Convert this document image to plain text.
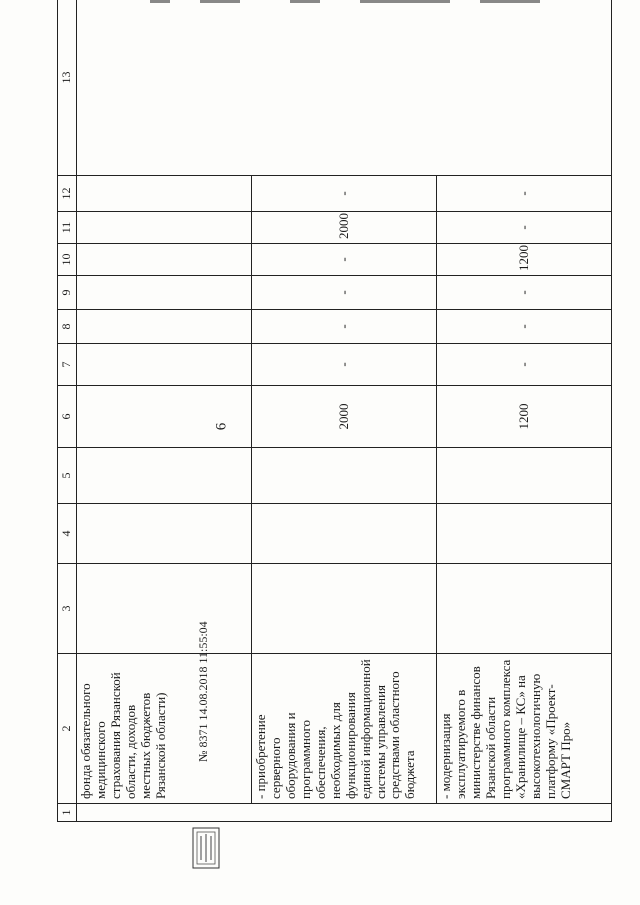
6
1	2	3	4	5	6	7	8	9	10	11	12	13
	фонда обязательного медицинского страхования Рязанской области, доходов местных бюджетов Рязанской области)											
	- приобретение серверного оборудования и программного обеспечения, необходимых для функционирования единой информационной системы управления средствами областного бюджета				2000	-	-	-	-	2000	-	
	- модернизация эксплуатируемого в министерстве финансов Рязанской области программного комплекса «Хранилище – КС» на высокотехнологичную платформу «Проект-СМАРТ Про»				1200	-	-	-	1200	-	-	
№ 8371 14.08.2018 11:55:04
